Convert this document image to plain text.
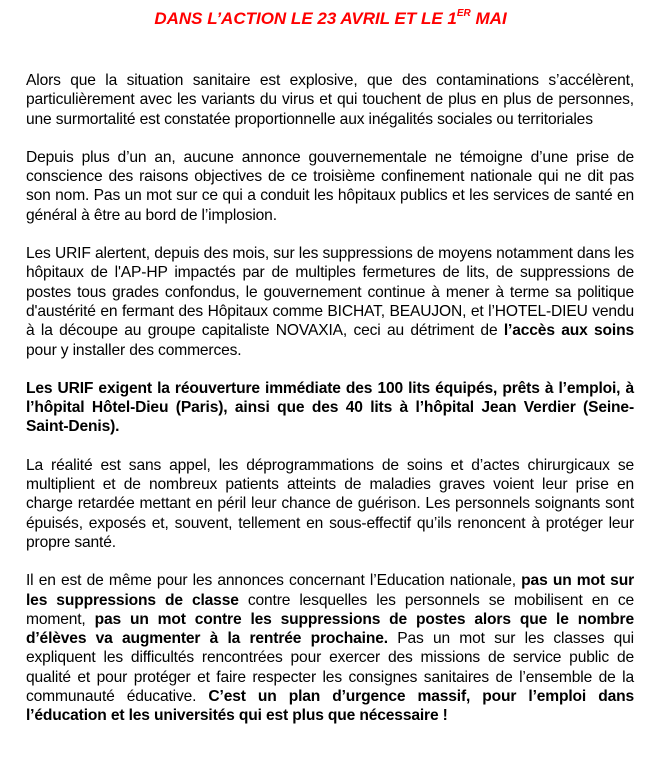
DANS L’ACTION LE 23 AVRIL ET LE 1ER MAI

Alors que la situation sanitaire est explosive, que des contaminations s’accélèrent, particulièrement avec les variants du virus et qui touchent de plus en plus de personnes, une surmortalité est constatée proportionnelle aux inégalités sociales ou territoriales

Depuis plus d’un an, aucune annonce gouvernementale ne témoigne d’une prise de conscience des raisons objectives de ce troisième confinement nationale qui ne dit pas son nom. Pas un mot sur ce qui a conduit les hôpitaux publics et les services de santé en général à être au bord de l’implosion.

Les URIF alertent, depuis des mois, sur les suppressions de moyens notamment dans les hôpitaux de l'AP-HP impactés par de multiples fermetures de lits, de suppressions de postes tous grades confondus, le gouvernement continue à mener à terme sa politique d'austérité en fermant des Hôpitaux comme BICHAT, BEAUJON, et l’HOTEL-DIEU vendu à la découpe au groupe capitaliste NOVAXIA, ceci au détriment de l’accès aux soins pour y installer des commerces.

Les URIF exigent la réouverture immédiate des 100 lits équipés, prêts à l’emploi, à l’hôpital Hôtel-Dieu (Paris), ainsi que des 40 lits à l’hôpital Jean Verdier (Seine-Saint-Denis).

La réalité est sans appel, les déprogrammations de soins et d’actes chirurgicaux se multiplient et de nombreux patients atteints de maladies graves voient leur prise en charge retardée mettant en péril leur chance de guérison. Les personnels soignants sont épuisés, exposés et, souvent, tellement en sous-effectif qu’ils renoncent à protéger leur propre santé.

Il en est de même pour les annonces concernant l’Education nationale, pas un mot sur les suppressions de classe contre lesquelles les personnels se mobilisent en ce moment, pas un mot contre les suppressions de postes alors que le nombre d’élèves va augmenter à la rentrée prochaine. Pas un mot sur les classes qui expliquent les difficultés rencontrées pour exercer des missions de service public de qualité et pour protéger et faire respecter les consignes sanitaires de l’ensemble de la communauté éducative. C’est un plan d’urgence massif, pour l’emploi dans l’éducation et les universités qui est plus que nécessaire !
